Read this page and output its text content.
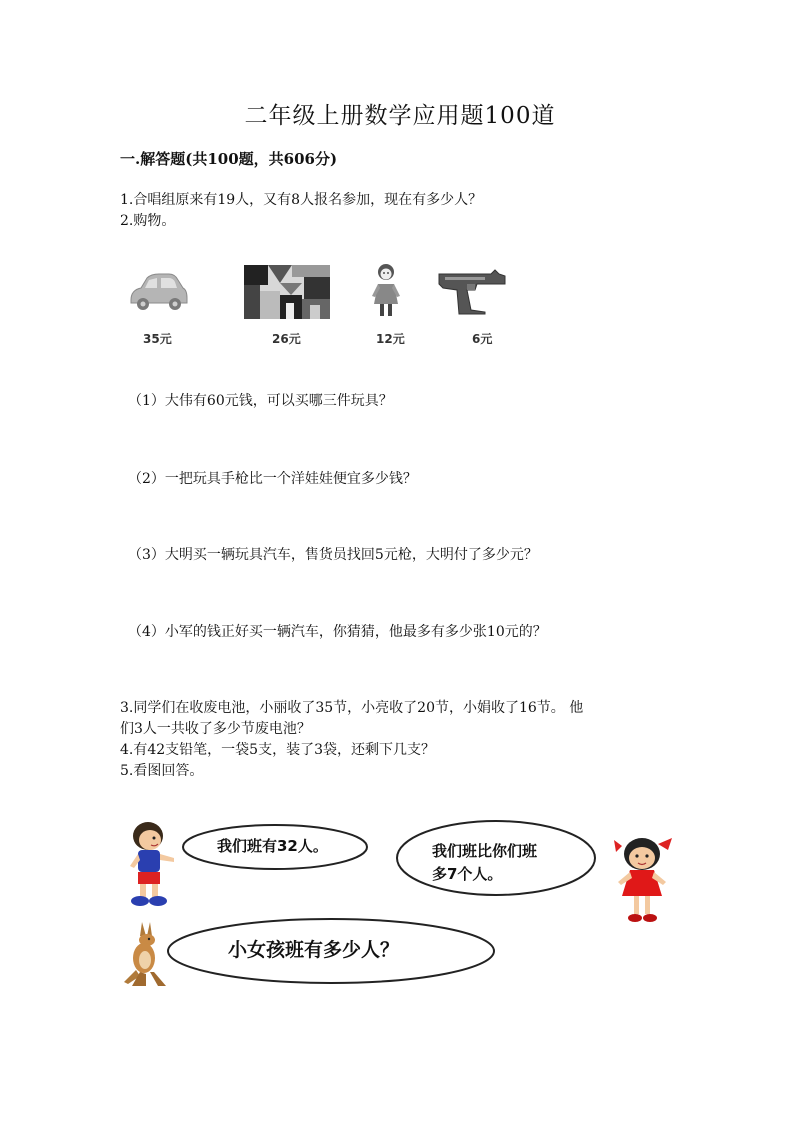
二年级上册数学应用题100道
一.解答题(共100题，共606分)
1.合唱组原来有19人，又有8人报名参加，现在有多少人？
2.购物。
35元	26元	12元	6元
（1）大伟有60元钱，可以买哪三件玩具？
（2）一把玩具手枪比一个洋娃娃便宜多少钱？
（3）大明买一辆玩具汽车，售货员找回5元枪，大明付了多少元？
（4）小军的钱正好买一辆汽车，你猜猜，他最多有多少张10元的？
3.同学们在收废电池，小丽收了35节，小亮收了20节，小娟收了16节。 他
们3人一共收了多少节废电池？
4.有42支铅笔，一袋5支，装了3袋，还剩下几支？
5.看图回答。
我们班有32人。	我们班比你们班
多7个人。
小女孩班有多少人？
